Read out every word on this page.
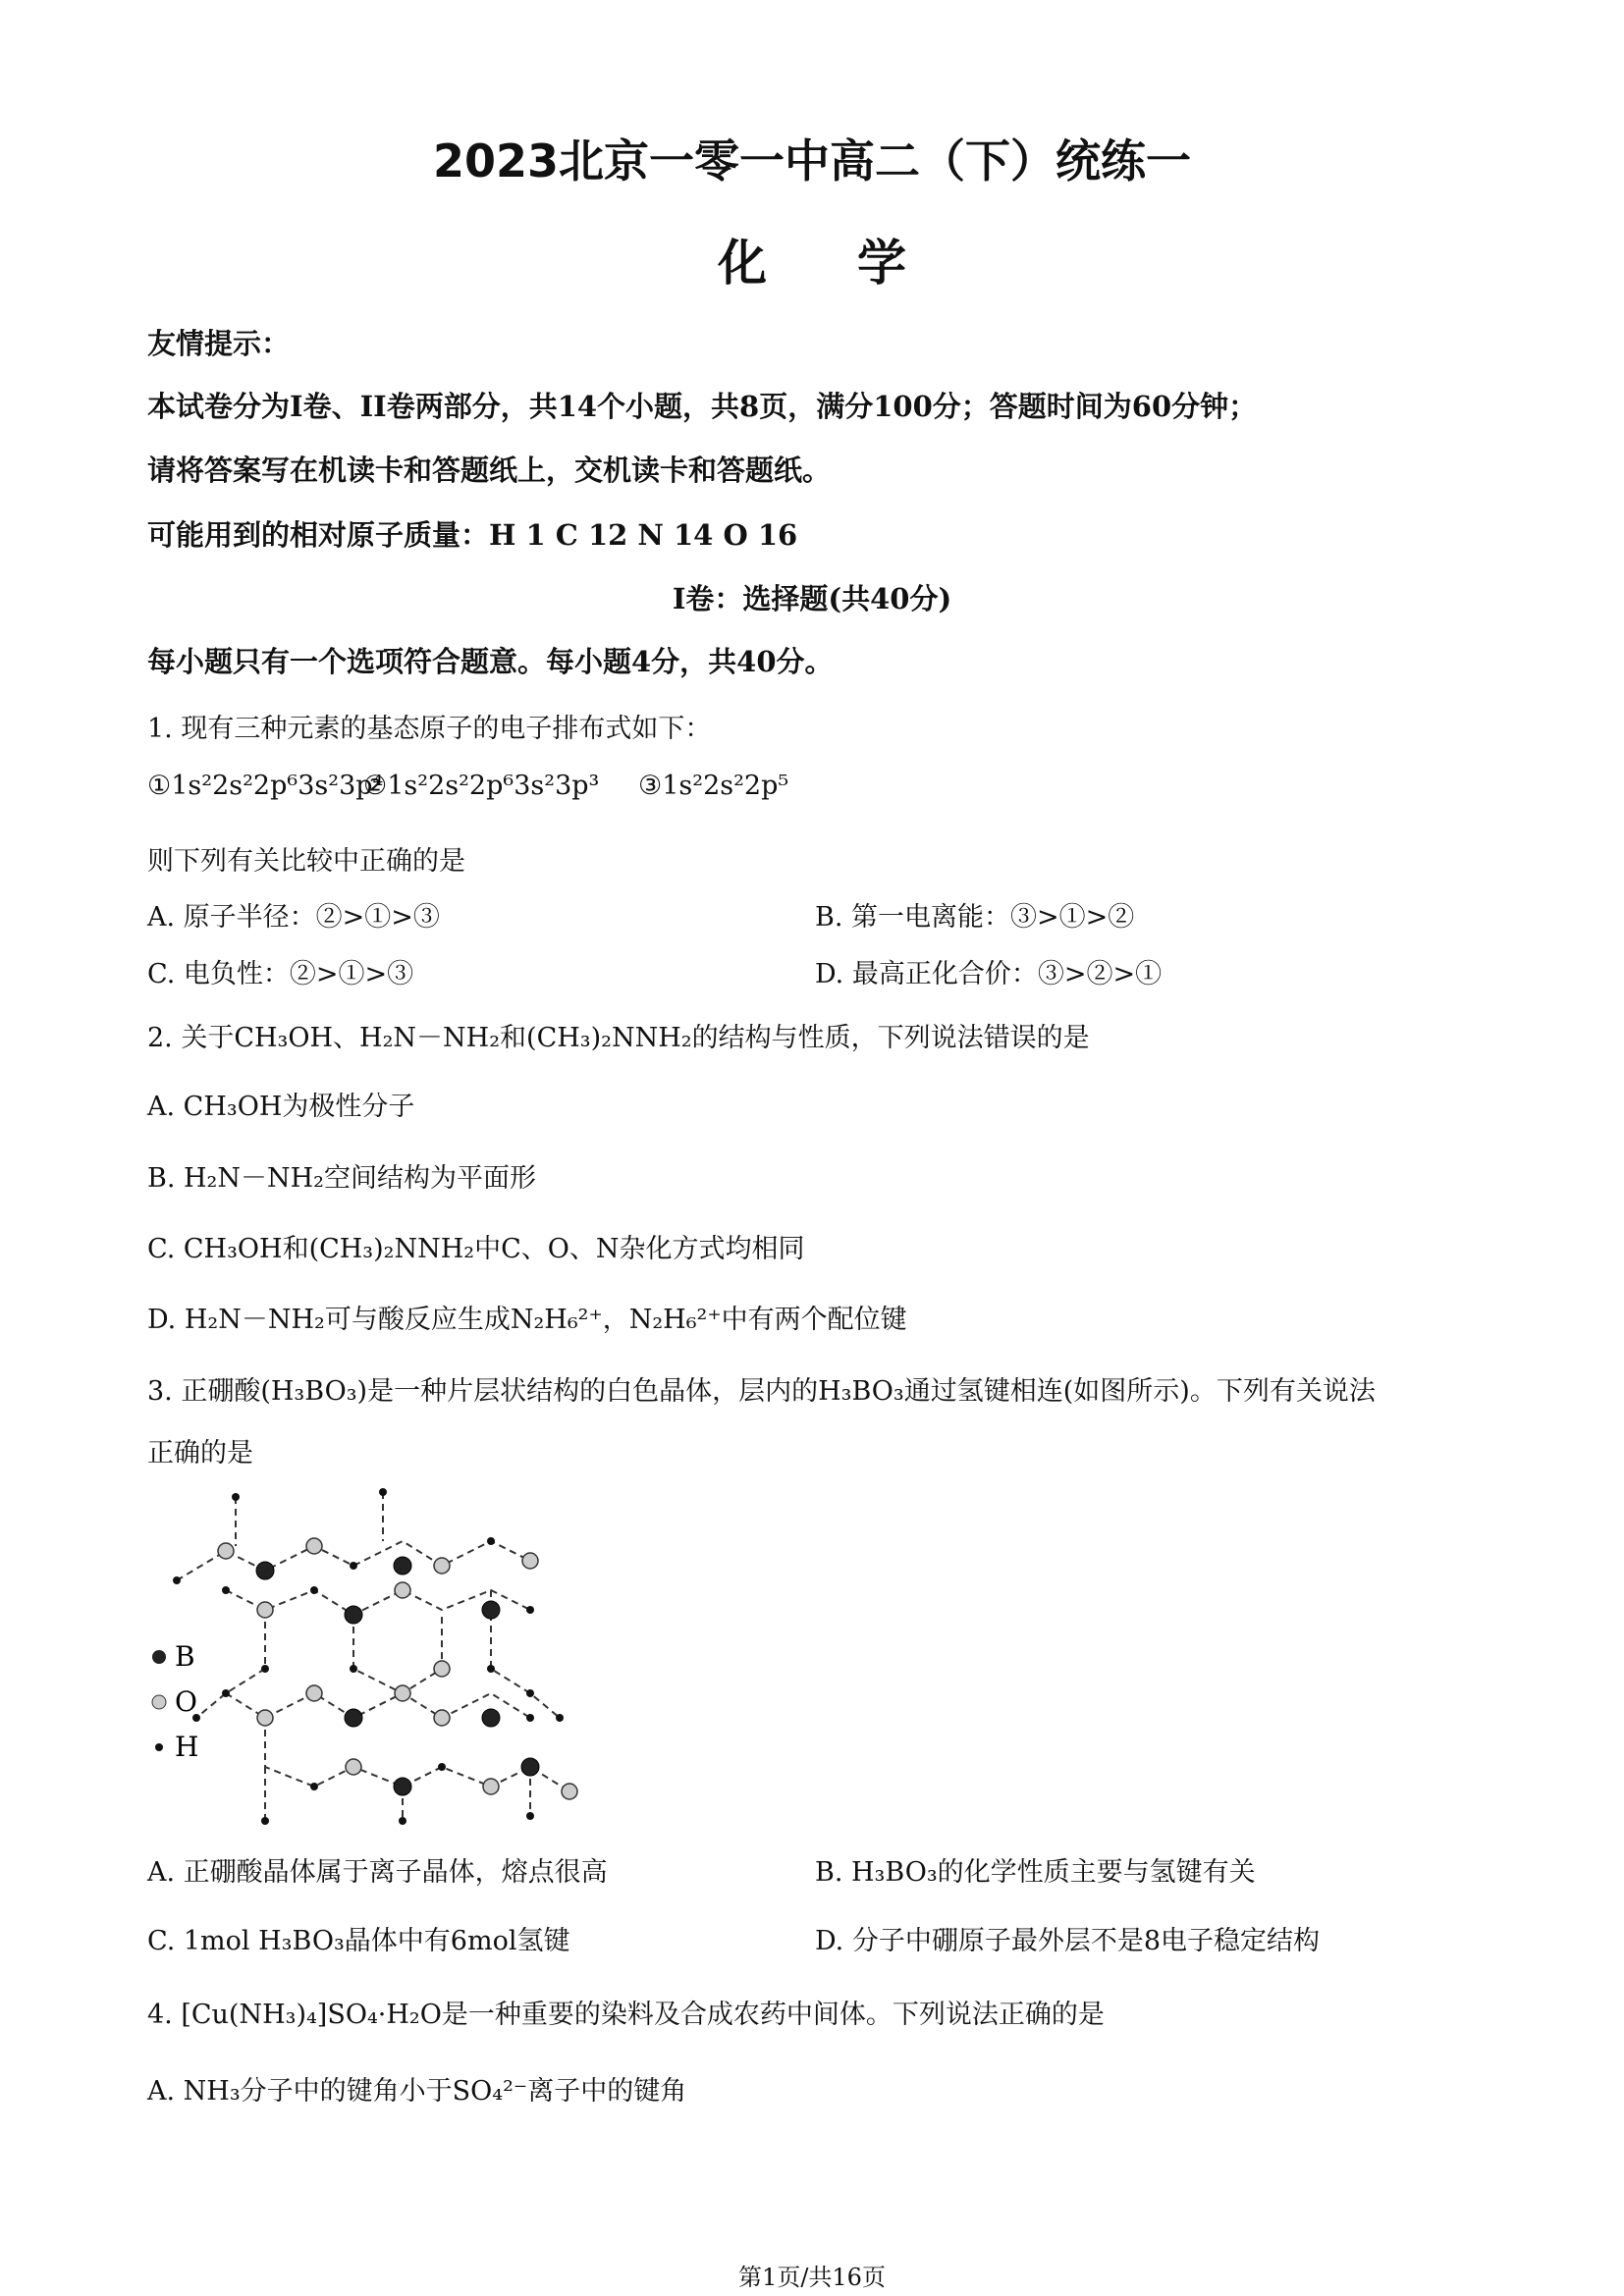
2023北京一零一中高二（下）统练一
化学
友情提示：
本试卷分为I卷、II卷两部分，共14个小题，共8页，满分100分；答题时间为60分钟；
请将答案写在机读卡和答题纸上，交机读卡和答题纸。
可能用到的相对原子质量：H 1 C 12 N 14 O 16
I卷：选择题(共40分)
每小题只有一个选项符合题意。每小题4分，共40分。
1. 现有三种元素的基态原子的电子排布式如下：
①1s²2s²2p⁶3s²3p⁴
②1s²2s²2p⁶3s²3p³ ③1s²2s²2p⁵
则下列有关比较中正确的是
A. 原子半径：②>①>③	B. 第一电离能：③>①>②
C. 电负性：②>①>③	D. 最高正化合价：③>②>①
2. 关于CH₃OH、H₂N－NH₂和(CH₃)₂NNH₂的结构与性质，下列说法错误的是
A. CH₃OH为极性分子
B. H₂N－NH₂空间结构为平面形
C. CH₃OH和(CH₃)₂NNH₂中C、O、N杂化方式均相同
D. H₂N－NH₂可与酸反应生成N₂H₆²⁺，N₂H₆²⁺中有两个配位键
3. 正硼酸(H₃BO₃)是一种片层状结构的白色晶体，层内的H₃BO₃通过氢键相连(如图所示)。下列有关说法
正确的是
B
O
H
A. 正硼酸晶体属于离子晶体，熔点很高	B. H₃BO₃的化学性质主要与氢键有关
C. 1mol H₃BO₃晶体中有6mol氢键	D. 分子中硼原子最外层不是8电子稳定结构
4. [Cu(NH₃)₄]SO₄·H₂O是一种重要的染料及合成农药中间体。下列说法正确的是
A. NH₃分子中的键角小于SO₄²⁻离子中的键角
第1页/共16页
